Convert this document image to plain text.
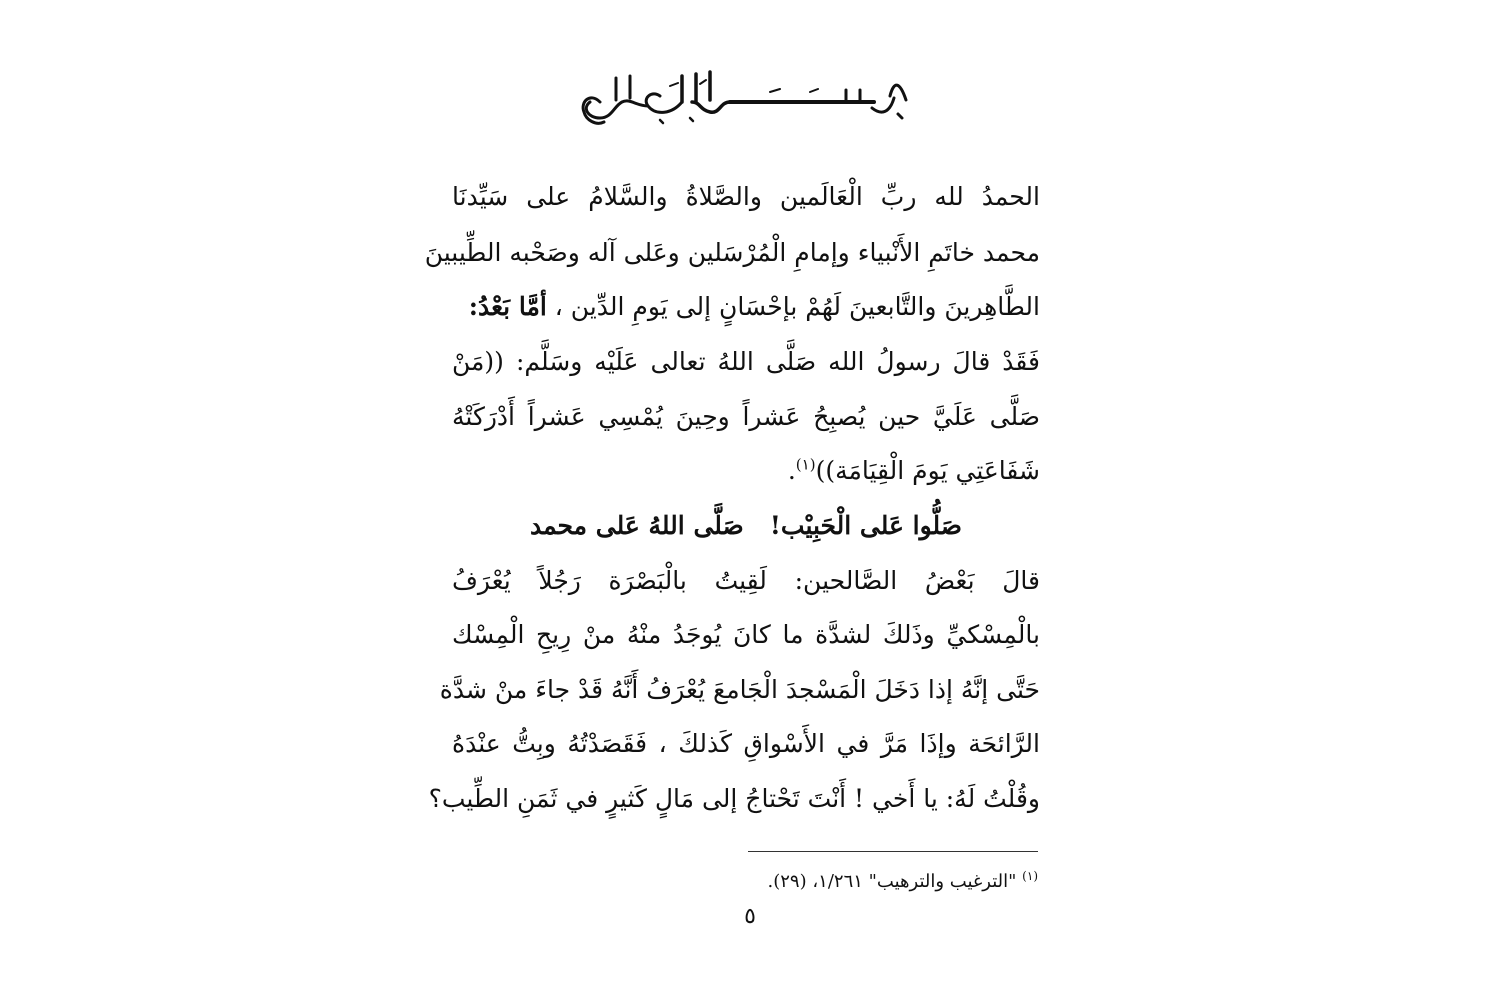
الحمدُ لله ربِّ الْعَالَمين والصَّلاةُ والسَّلامُ على سَيِّدنَا
محمد خاتَمِ الأَنْبياء وإمامِ الْمُرْسَلين وعَلى آله وصَحْبه الطِّيبينَ
الطَّاهِرينَ والتَّابعينَ لَهُمْ بإحْسَانٍ إلى يَومِ الدِّين ، أمَّا بَعْدُ:
فَقَدْ قالَ رسولُ الله صَلَّى اللهُ تعالى عَلَيْه وسَلَّم: ((مَنْ
صَلَّى عَلَيَّ حين يُصبِحُ عَشراً وحِينَ يُمْسِي عَشراً أَدْرَكَتْهُ
شَفَاعَتِي يَومَ الْقِيَامَة))$^{(١)}$.
صَلُّوا عَلى الْحَبِيْب!   صَلَّى اللهُ عَلى محمد
قالَ بَعْضُ الصَّالحين: لَقِيتُ بالْبَصْرَة رَجُلاً يُعْرَفُ
بالْمِسْكيِّ وذَلكَ لشدَّة ما كانَ يُوجَدُ منْهُ منْ رِيحِ الْمِسْك
حَتَّى إنَّهُ إذا دَخَلَ الْمَسْجدَ الْجَامعَ يُعْرَفُ أَنَّهُ قَدْ جاءَ منْ شدَّة
الرَّائحَة وإذَا مَرَّ في الأَسْواقِ كَذلكَ ، فَقَصَدْتُهُ وبِتُّ عنْدَهُ
وقُلْتُ لَهُ: يا أَخي ! أَنْتَ تَحْتاجُ إلى مَالٍ كَثيرٍ في ثَمَنِ الطِّيب؟
$^{(١)}$ "الترغيب والترهيب" ١/٢٦١، (٢٩).
٥
